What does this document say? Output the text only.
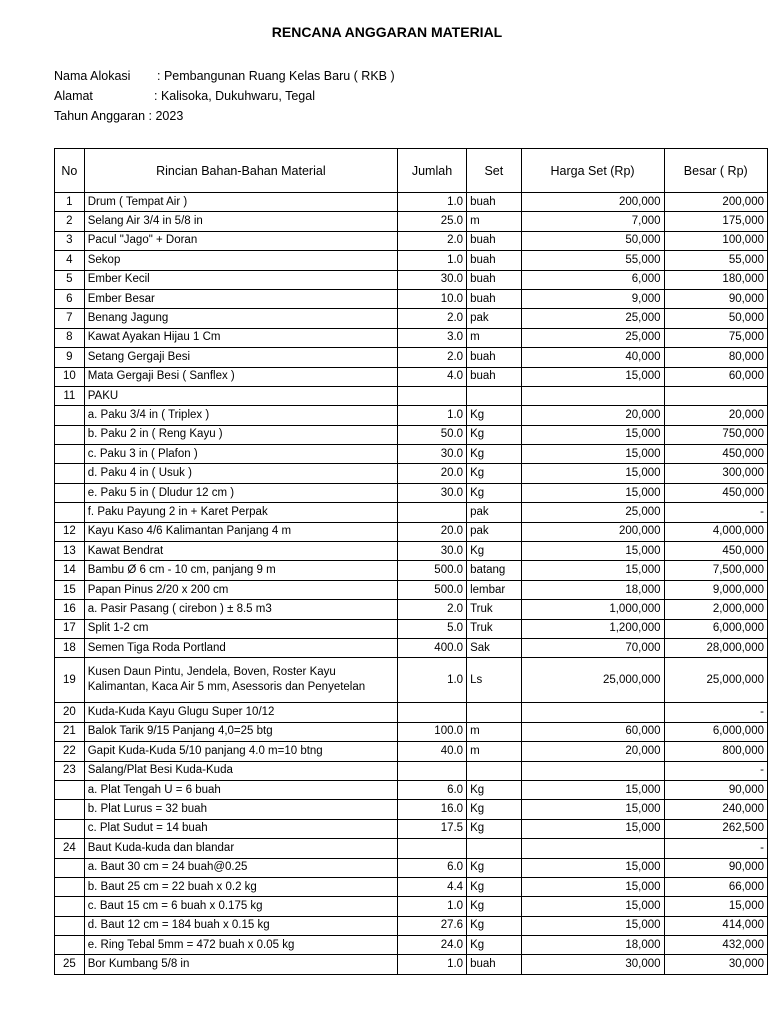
RENCANA ANGGARAN MATERIAL
Nama Alokasi : Pembangunan Ruang Kelas Baru ( RKB )
Alamat	: Kalisoka, Dukuhwaru, Tegal
Tahun Anggaran : 2023
No	Rincian Bahan-Bahan Material	Jumlah	Set	Harga Set (Rp)	Besar ( Rp)
1	Drum ( Tempat Air )	1.0	buah	200,000	200,000
2	Selang Air 3/4 in 5/8 in	25.0	m	7,000	175,000
3	Pacul "Jago" + Doran	2.0	buah	50,000	100,000
4	Sekop	1.0	buah	55,000	55,000
5	Ember Kecil	30.0	buah	6,000	180,000
6	Ember Besar	10.0	buah	9,000	90,000
7	Benang Jagung	2.0	pak	25,000	50,000
8	Kawat Ayakan Hijau 1 Cm	3.0	m	25,000	75,000
9	Setang Gergaji Besi	2.0	buah	40,000	80,000
10	Mata Gergaji Besi ( Sanflex )	4.0	buah	15,000	60,000
11	PAKU				
	a. Paku 3/4 in ( Triplex )	1.0	Kg	20,000	20,000
	b. Paku 2 in ( Reng Kayu )	50.0	Kg	15,000	750,000
	c. Paku 3 in ( Plafon )	30.0	Kg	15,000	450,000
	d. Paku 4 in ( Usuk )	20.0	Kg	15,000	300,000
	e. Paku 5 in ( Dludur 12 cm )	30.0	Kg	15,000	450,000
	f. Paku Payung 2 in + Karet Perpak		pak	25,000	-
12	Kayu Kaso 4/6 Kalimantan Panjang 4 m	20.0	pak	200,000	4,000,000
13	Kawat Bendrat	30.0	Kg	15,000	450,000
14	Bambu Ø 6 cm - 10 cm, panjang 9 m	500.0	batang	15,000	7,500,000
15	Papan Pinus 2/20 x 200 cm	500.0	lembar	18,000	9,000,000
16	a. Pasir Pasang ( cirebon ) ± 8.5 m3	2.0	Truk	1,000,000	2,000,000
17	Split 1-2 cm	5.0	Truk	1,200,000	6,000,000
18	Semen Tiga Roda Portland	400.0	Sak	70,000	28,000,000
19	Kusen Daun Pintu, Jendela, Boven, Roster Kayu Kalimantan, Kaca Air 5 mm, Asessoris dan Penyetelan	1.0	Ls	25,000,000	25,000,000
20	Kuda-Kuda Kayu Glugu Super 10/12				-
21	Balok Tarik 9/15 Panjang 4,0=25 btg	100.0	m	60,000	6,000,000
22	Gapit Kuda-Kuda 5/10 panjang 4.0 m=10 btng	40.0	m	20,000	800,000
23	Salang/Plat Besi Kuda-Kuda				-
	a. Plat Tengah U = 6 buah	6.0	Kg	15,000	90,000
	b. Plat Lurus = 32 buah	16.0	Kg	15,000	240,000
	c. Plat Sudut = 14 buah	17.5	Kg	15,000	262,500
24	Baut Kuda-kuda dan blandar				-
	a. Baut 30 cm = 24 buah@0.25	6.0	Kg	15,000	90,000
	b. Baut 25 cm = 22 buah x 0.2 kg	4.4	Kg	15,000	66,000
	c. Baut 15 cm = 6 buah x 0.175 kg	1.0	Kg	15,000	15,000
	d. Baut 12 cm = 184 buah x 0.15 kg	27.6	Kg	15,000	414,000
	e. Ring Tebal 5mm = 472 buah x 0.05 kg	24.0	Kg	18,000	432,000
25	Bor Kumbang 5/8 in	1.0	buah	30,000	30,000
